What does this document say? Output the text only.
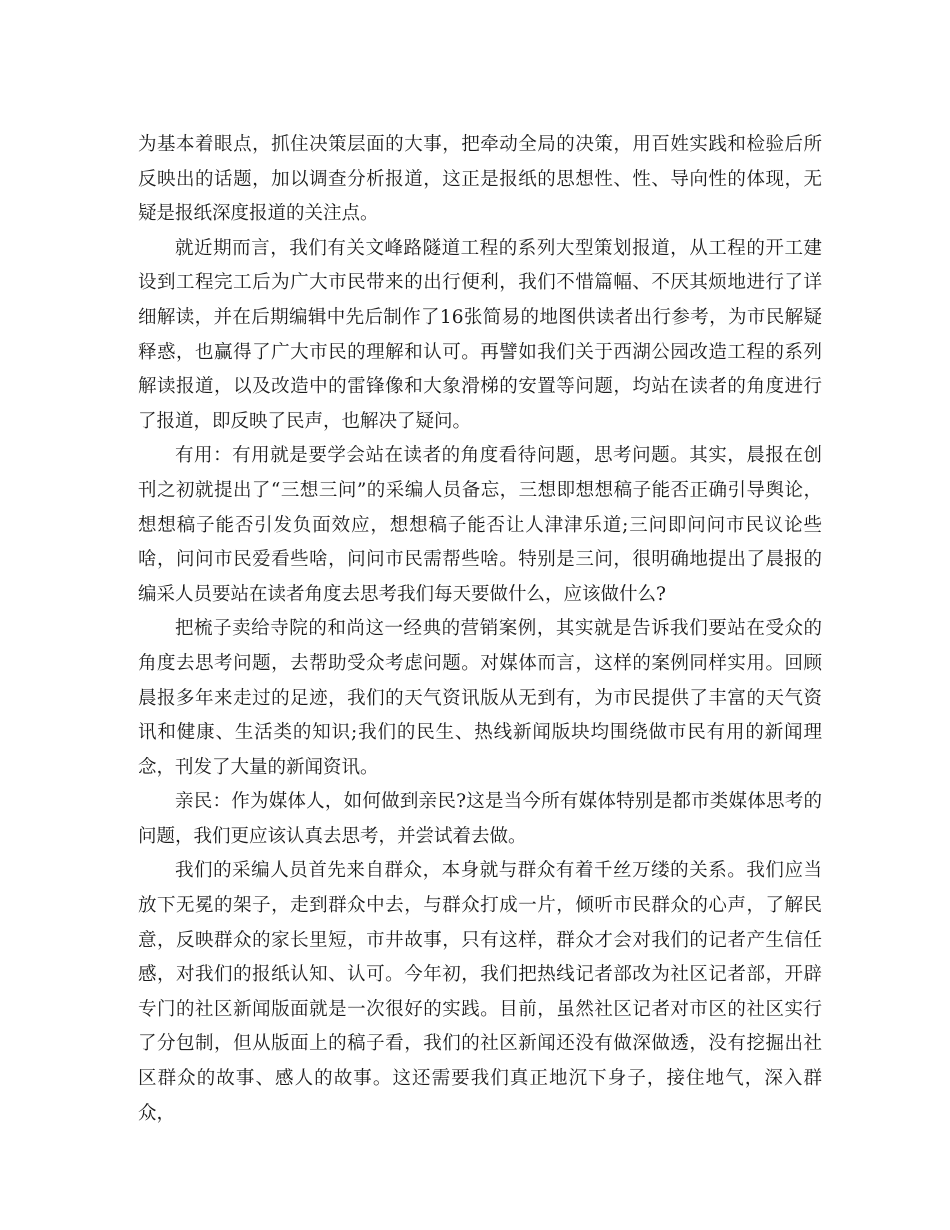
为基本着眼点，抓住决策层面的大事，把牵动全局的决策，用百姓实践和检验后所反映出的话题，加以调查分析报道，这正是报纸的思想性、性、导向性的体现，无疑是报纸深度报道的关注点。

就近期而言，我们有关文峰路隧道工程的系列大型策划报道，从工程的开工建设到工程完工后为广大市民带来的出行便利，我们不惜篇幅、不厌其烦地进行了详细解读，并在后期编辑中先后制作了16张简易的地图供读者出行参考，为市民解疑释惑，也赢得了广大市民的理解和认可。再譬如我们关于西湖公园改造工程的系列解读报道，以及改造中的雷锋像和大象滑梯的安置等问题，均站在读者的角度进行了报道，即反映了民声，也解决了疑问。

有用：有用就是要学会站在读者的角度看待问题，思考问题。其实，晨报在创刊之初就提出了“三想三问”的采编人员备忘，三想即想想稿子能否正确引导舆论，想想稿子能否引发负面效应，想想稿子能否让人津津乐道;三问即问问市民议论些啥，问问市民爱看些啥，问问市民需帮些啥。特别是三问，很明确地提出了晨报的编采人员要站在读者角度去思考我们每天要做什么，应该做什么?

把梳子卖给寺院的和尚这一经典的营销案例，其实就是告诉我们要站在受众的角度去思考问题，去帮助受众考虑问题。对媒体而言，这样的案例同样实用。回顾晨报多年来走过的足迹，我们的天气资讯版从无到有，为市民提供了丰富的天气资讯和健康、生活类的知识;我们的民生、热线新闻版块均围绕做市民有用的新闻理念，刊发了大量的新闻资讯。

亲民：作为媒体人，如何做到亲民?这是当今所有媒体特别是都市类媒体思考的问题，我们更应该认真去思考，并尝试着去做。

我们的采编人员首先来自群众，本身就与群众有着千丝万缕的关系。我们应当放下无冕的架子，走到群众中去，与群众打成一片，倾听市民群众的心声，了解民意，反映群众的家长里短，市井故事，只有这样，群众才会对我们的记者产生信任感，对我们的报纸认知、认可。今年初，我们把热线记者部改为社区记者部，开辟专门的社区新闻版面就是一次很好的实践。目前，虽然社区记者对市区的社区实行了分包制，但从版面上的稿子看，我们的社区新闻还没有做深做透，没有挖掘出社区群众的故事、感人的故事。这还需要我们真正地沉下身子，接住地气，深入群众，
